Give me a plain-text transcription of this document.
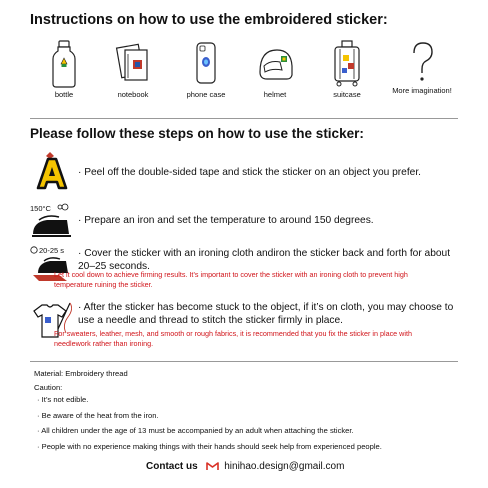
Instructions on how to use the embroidered sticker:
bottle	notebook	phone case	helmet	suitcase	More imagination!
Please follow these steps on how to use the sticker:
· Peel off the double-sided tape and stick the sticker on an object you prefer.
150°C
· Prepare an iron and set the temperature to around 150 degrees.
20-25 s · Cover the sticker with an ironing cloth andiron the sticker back and forth for about 20–25 seconds.
Let it cool down to achieve firming results. It’s important to cover the sticker with an ironing cloth to prevent high temperature ruining the sticker.
· After the sticker has become stuck to the object, if it’s on cloth, you may choose to use a needle and thread to stitch the sticker firmly in place.
For sweaters, leather, mesh, and smooth or rough fabrics, it is recommended that you fix the sticker in place with needlework rather than ironing.
Material: Embroidery thread
Caution:
· It’s not edible.
· Be aware of the heat from the iron.
· All children under the age of 13 must be accompanied by an adult when attaching the sticker.
· People with no experience making things with their hands should seek help from experienced people.
Contact us	hinihao.design@gmail.com
